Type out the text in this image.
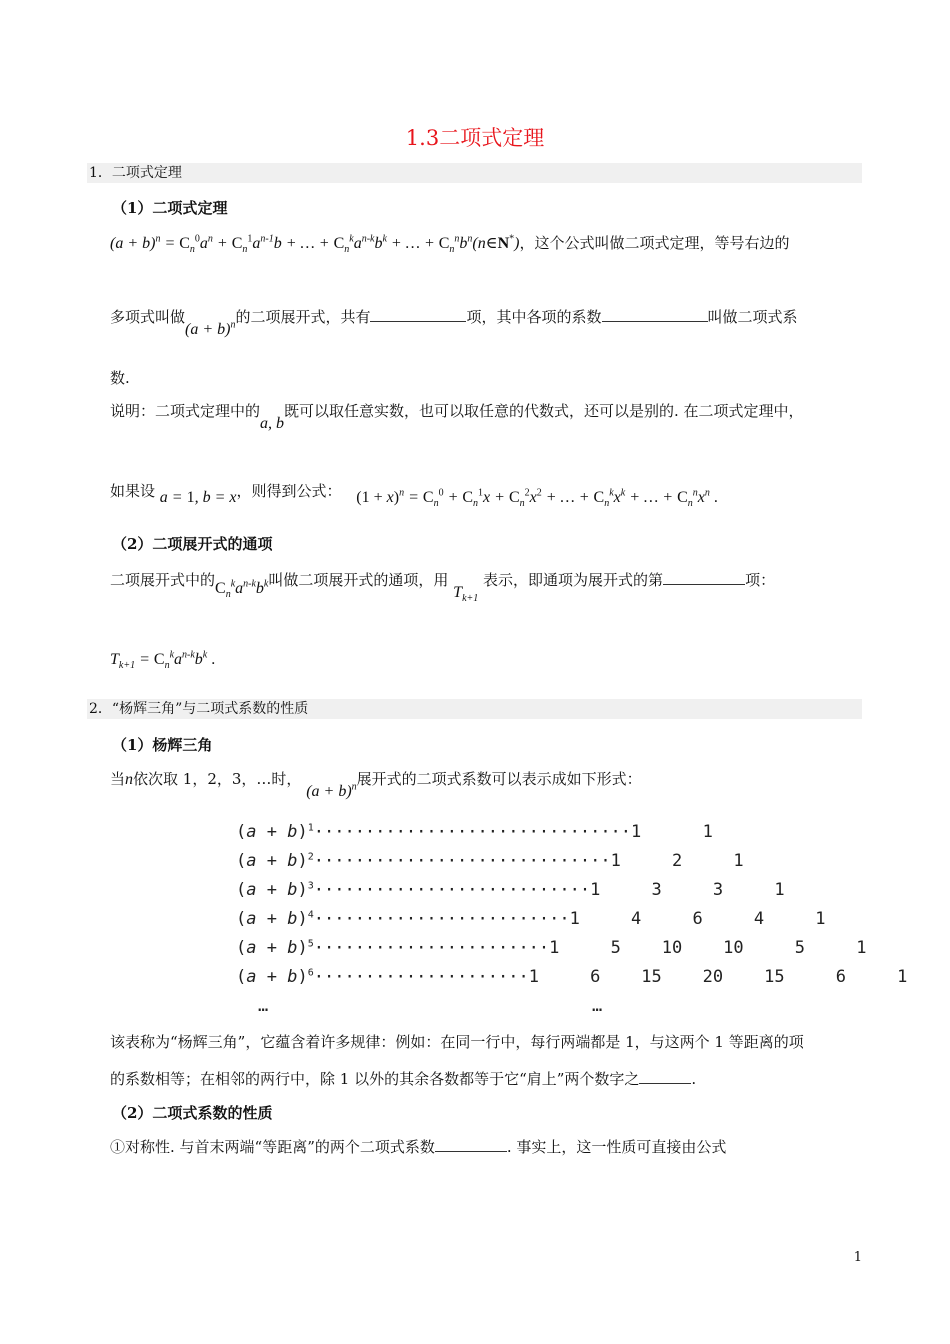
1.3二项式定理
1．二项式定理
（1）二项式定理
$(a + b)^n = C_n^0a^n + C_n^1a^{n-1}b$ + … + $C_n^ka^{n-k}b^k$ + … + $C_n^nb^n(n\in N^*)$，这个公式叫做二项式定理，等号右边的
多项式叫做$(a + b)^n$的二项展开式，共有	项，其中各项的系数	叫做二项式系
数.
说明：二项式定理中的a, b既可以取任意实数，也可以取任意的代数式，还可以是别的. 在二项式定理中，
如果设 a = 1, b = x，则得到公式： $(1 + x)^n = C_n^0 + C_n^1x + C_n^2x^2$ + … + $C_n^kx^k$ + … + $C_n^nx^n$ .
（2）二项展开式的通项
二项展开式中的$C_n^ka^{n-k}b^k$叫做二项展开式的通项，用 $T_{k+1}$ 表示，即通项为展开式的第	项：
$T_{k+1} = C_n^ka^{n-k}b^k$ .
2．“杨辉三角”与二项式系数的性质
（1）杨辉三角
当n依次取 1，2，3，…时， $(a + b)^n$展开式的二项式系数可以表示成如下形式：
$(a + b)^1\cdot\cdot\cdot\cdot\cdot\cdot\cdot\cdot\cdot\cdot\cdot\cdot\cdot\cdot\cdot\cdot\cdot\cdot\cdot\cdot\cdot\cdot\cdot\cdot\cdot\cdot\cdot\cdot\cdot\cdot\cdot 1$      1
$(a + b)^2\cdot\cdot\cdot\cdot\cdot\cdot\cdot\cdot\cdot\cdot\cdot\cdot\cdot\cdot\cdot\cdot\cdot\cdot\cdot\cdot\cdot\cdot\cdot\cdot\cdot\cdot\cdot\cdot\cdot 1$     2     1
$(a + b)^3\cdot\cdot\cdot\cdot\cdot\cdot\cdot\cdot\cdot\cdot\cdot\cdot\cdot\cdot\cdot\cdot\cdot\cdot\cdot\cdot\cdot\cdot\cdot\cdot\cdot\cdot\cdot 1$     3     3     1
$(a + b)^4\cdot\cdot\cdot\cdot\cdot\cdot\cdot\cdot\cdot\cdot\cdot\cdot\cdot\cdot\cdot\cdot\cdot\cdot\cdot\cdot\cdot\cdot\cdot\cdot\cdot 1$     4     6     4     1
$(a + b)^5\cdot\cdot\cdot\cdot\cdot\cdot\cdot\cdot\cdot\cdot\cdot\cdot\cdot\cdot\cdot\cdot\cdot\cdot\cdot\cdot\cdot\cdot\cdot 1$     5    10    10     5     1
$(a + b)^6\cdot\cdot\cdot\cdot\cdot\cdot\cdot\cdot\cdot\cdot\cdot\cdot\cdot\cdot\cdot\cdot\cdot\cdot\cdot\cdot\cdot 1$     6    15    20    15     6     1
…	…
该表称为“杨辉三角”，它蕴含着许多规律：例如：在同一行中，每行两端都是 1，与这两个 1 等距离的项
的系数相等；在相邻的两行中，除 1 以外的其余各数都等于它“肩上”两个数字之	.
（2）二项式系数的性质
①对称性. 与首末两端“等距离”的两个二项式系数	. 事实上，这一性质可直接由公式
1
